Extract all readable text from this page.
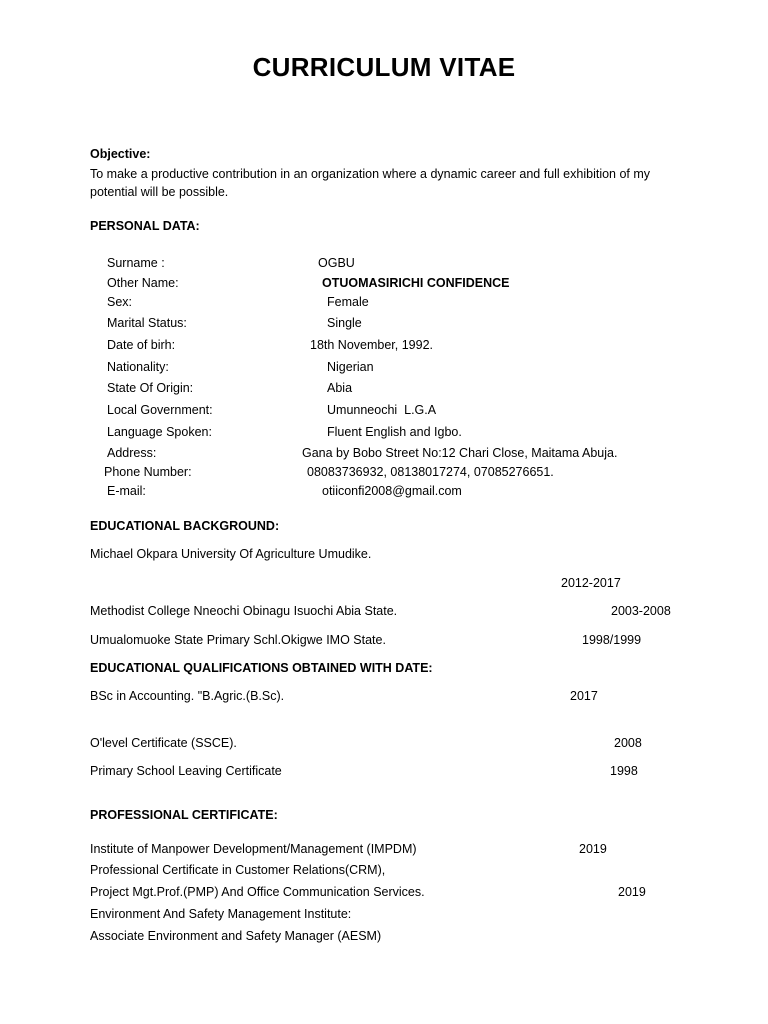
CURRICULUM VITAE
Objective:
To make a productive contribution in an organization where a dynamic career and full exhibition of my potential will be possible.
PERSONAL DATA:
Surname :	OGBU
Other Name:	OTUOMASIRICHI CONFIDENCE
Sex:	Female
Marital Status:	Single
Date of birh:	18th November, 1992.
Nationality:	Nigerian
State Of Origin:	Abia
Local Government:	Umunneochi  L.G.A
Language Spoken:	Fluent English and Igbo.
Address:	Gana by Bobo Street No:12 Chari Close, Maitama Abuja.
Phone Number:	08083736932, 08138017274, 07085276651.
E-mail:	otiiconfi2008@gmail.com
EDUCATIONAL BACKGROUND:
Michael Okpara University Of Agriculture Umudike.
2012-2017
Methodist College Nneochi Obinagu Isuochi Abia State.	2003-2008
Umualomuoke State Primary Schl.Okigwe IMO State.	1998/1999
EDUCATIONAL QUALIFICATIONS OBTAINED WITH DATE:
BSc in Accounting. "B.Agric.(B.Sc).	2017
O'level Certificate (SSCE).	2008
Primary School Leaving Certificate	1998
PROFESSIONAL CERTIFICATE:
Institute of Manpower Development/Management (IMPDM)	2019
Professional Certificate in Customer Relations(CRM),
Project Mgt.Prof.(PMP) And Office Communication Services.	2019
Environment And Safety Management Institute:
Associate Environment and Safety Manager (AESM)
